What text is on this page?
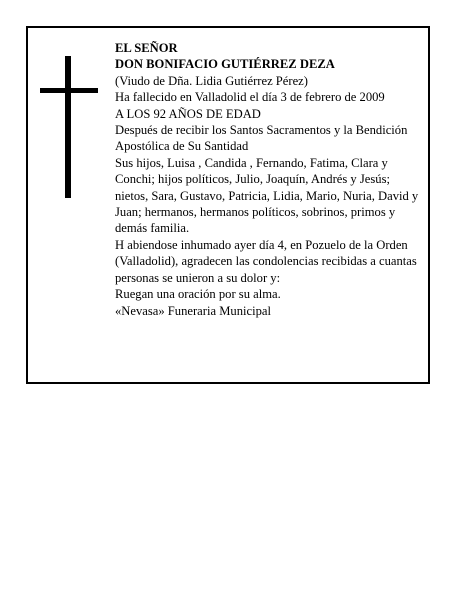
EL SEÑOR

DON BONIFACIO GUTIÉRREZ DEZA

(Viudo de Dña. Lidia Gutiérrez Pérez)

Ha fallecido en Valladolid el día 3 de febrero de 2009

A LOS 92 AÑOS DE EDAD

Después de recibir los Santos Sacramentos y la Bendición Apostólica de Su Santidad

Sus hijos, Luisa , Candida , Fernando, Fatima, Clara y Conchi; hijos políticos, Julio, Joaquín, Andrés y Jesús; nietos, Sara, Gustavo, Patricia, Lidia, Mario, Nuria, David y Juan; hermanos, hermanos políticos, sobrinos, primos y demás familia.

H abiendose inhumado ayer día 4, en Pozuelo de la Orden (Valladolid), agradecen las condolencias recibidas a cuantas personas se unieron a su dolor y:

Ruegan una oración por su alma.

«Nevasa» Funeraria Municipal
